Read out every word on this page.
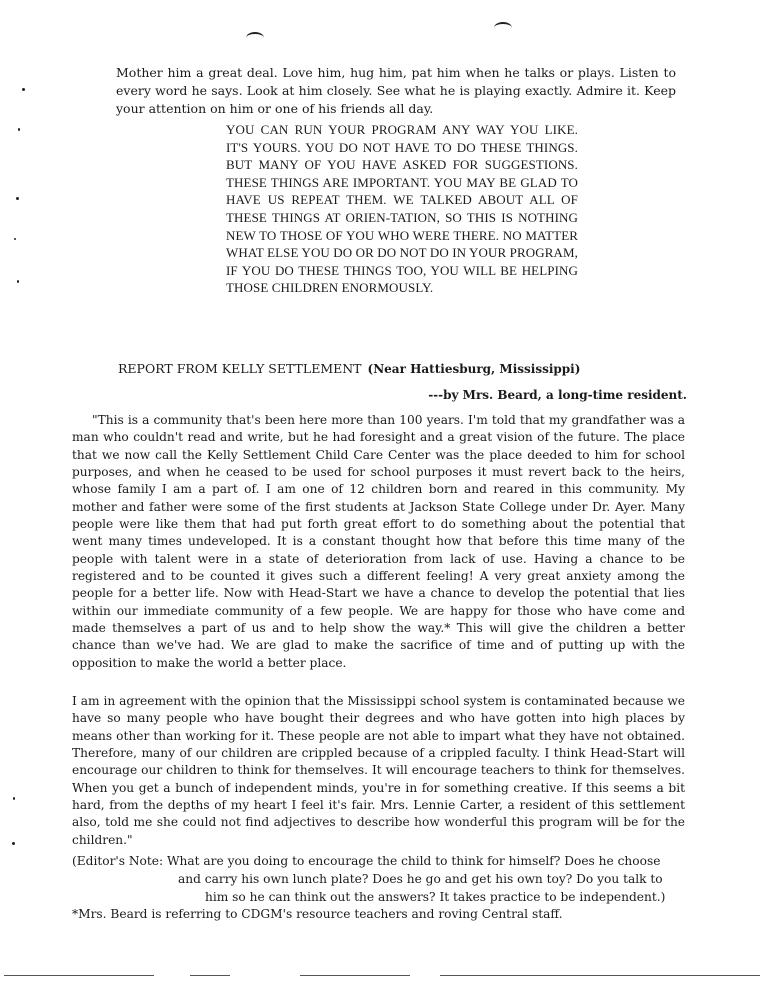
Mother him a great deal. Love him, hug him, pat him when he talks or plays. Listen to every word he says. Look at him closely. See what he is playing exactly. Admire it. Keep your attention on him or one of his friends all day.

YOU CAN RUN YOUR PROGRAM ANY WAY YOU LIKE. IT'S YOURS. YOU DO NOT HAVE TO DO THESE THINGS. BUT MANY OF YOU HAVE ASKED FOR SUGGESTIONS. THESE THINGS ARE IMPORTANT. YOU MAY BE GLAD TO HAVE US REPEAT THEM. WE TALKED ABOUT ALL OF THESE THINGS AT ORIEN-TATION, SO THIS IS NOTHING NEW TO THOSE OF YOU WHO WERE THERE. NO MATTER WHAT ELSE YOU DO OR DO NOT DO IN YOUR PROGRAM, IF YOU DO THESE THINGS TOO, YOU WILL BE HELPING THOSE CHILDREN ENORMOUSLY.

REPORT FROM KELLY SETTLEMENT (Near Hattiesburg, Mississippi)

---by Mrs. Beard, a long-time resident.

"This is a community that's been here more than 100 years. I'm told that my grandfather was a man who couldn't read and write, but he had foresight and a great vision of the future. The place that we now call the Kelly Settlement Child Care Center was the place deeded to him for school purposes, and when he ceased to be used for school purposes it must revert back to the heirs, whose family I am a part of. I am one of 12 children born and reared in this community. My mother and father were some of the first students at Jackson State College under Dr. Ayer. Many people were like them that had put forth great effort to do something about the potential that went many times undeveloped. It is a constant thought how that before this time many of the people with talent were in a state of deterioration from lack of use. Having a chance to be registered and to be counted it gives such a different feeling! A very great anxiety among the people for a better life. Now with Head-Start we have a chance to develop the potential that lies within our immediate community of a few people. We are happy for those who have come and made themselves a part of us and to help show the way.* This will give the children a better chance than we've had. We are glad to make the sacrifice of time and of putting up with the opposition to make the world a better place.

I am in agreement with the opinion that the Mississippi school system is contaminated because we have so many people who have bought their degrees and who have gotten into high places by means other than working for it. These people are not able to impart what they have not obtained. Therefore, many of our children are crippled because of a crippled faculty. I think Head-Start will encourage our children to think for themselves. It will encourage teachers to think for themselves. When you get a bunch of independent minds, you're in for something creative. If this seems a bit hard, from the depths of my heart I feel it's fair. Mrs. Lennie Carter, a resident of this settlement also, told me she could not find adjectives to describe how wonderful this program will be for the children."

(Editor's Note: What are you doing to encourage the child to think for himself? Does he choose
and carry his own lunch plate? Does he go and get his own toy? Do you talk to
him so he can think out the answers? It takes practice to be independent.)

*Mrs. Beard is referring to CDGM's resource teachers and roving Central staff.
